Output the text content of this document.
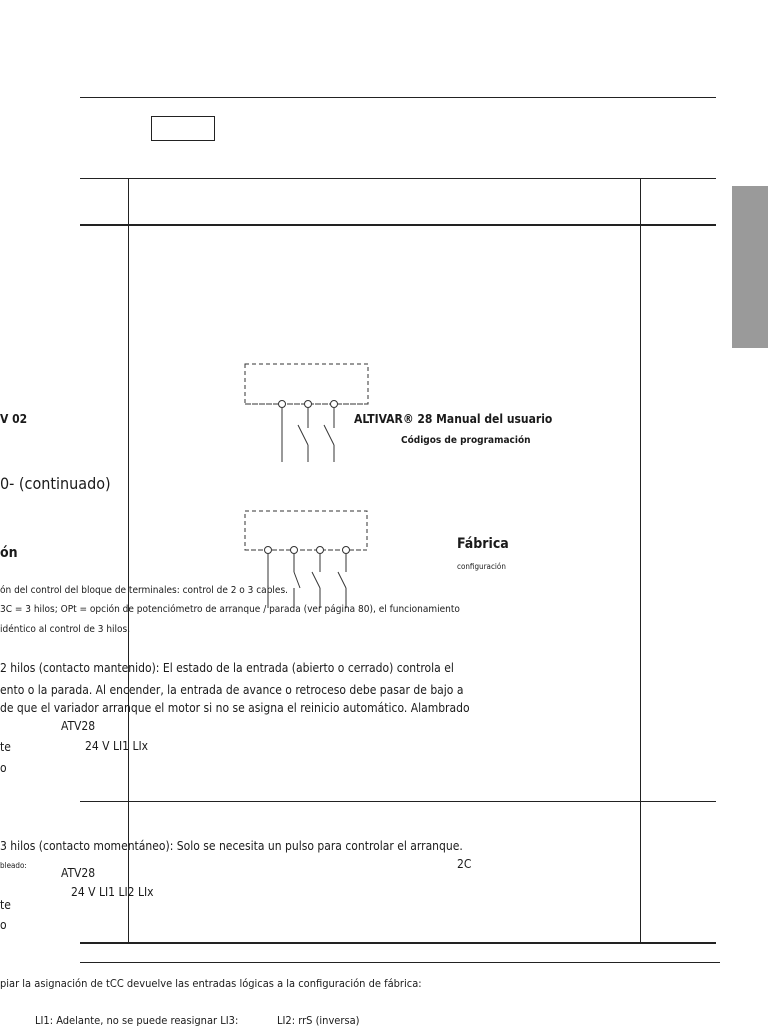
V 02	ALTIVAR® 28 Manual del usuario
Códigos de programación
0- (continuado)
ón
Fábrica
configuración
2C
ón del control del bloque de terminales: control de 2 o 3 cables.
3C = 3 hilos; OPt = opción de potenciómetro de arranque / parada (ver página 80), el funcionamiento
idéntico al control de 3 hilos.
2 hilos (contacto mantenido): El estado de la entrada (abierto o cerrado) controla el
ento o la parada. Al encender, la entrada de avance o retroceso debe pasar de bajo a
de que el variador arranque el motor si no se asigna el reinicio automático. Alambrado
ATV28
24 V LI1 LIx
te
o
3 hilos (contacto momentáneo): Solo se necesita un pulso para controlar el arranque.
bleado:
ATV28
24 V LI1 LI2 LIx
te
o
piar la asignación de tCC devuelve las entradas lógicas a la configuración de fábrica:
LI1: Adelante, no se puede reasignar LI3:	LI2: rrS (inversa)
